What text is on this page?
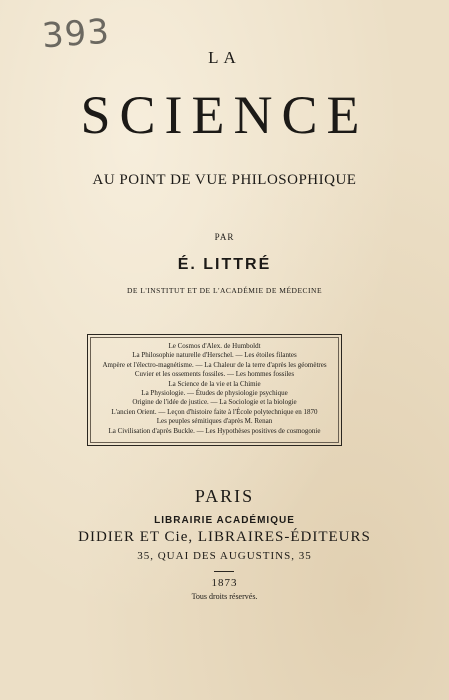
393
LA
SCIENCE
AU POINT DE VUE PHILOSOPHIQUE
PAR
É. LITTRÉ
DE L'INSTITUT ET DE L'ACADÉMIE DE MÉDECINE
Le Cosmos d'Alex. de Humboldt
La Philosophie naturelle d'Herschel. — Les étoiles filantes
Ampère et l'électro-magnétisme. — La Chaleur de la terre d'après les géomètres
Cuvier et les ossements fossiles. — Les hommes fossiles
La Science de la vie et la Chimie
La Physiologie. — Études de physiologie psychique
Origine de l'idée de justice. — La Sociologie et la biologie
L'ancien Orient. — Leçon d'histoire faite à l'École polytechnique en 1870
Les peuples sémitiques d'après M. Renan
La Civilisation d'après Buckle. — Les Hypothèses positives de cosmogonie
PARIS
LIBRAIRIE ACADÉMIQUE
DIDIER ET Cie, LIBRAIRES-ÉDITEURS
35, QUAI DES AUGUSTINS, 35
1873
Tous droits réservés.
